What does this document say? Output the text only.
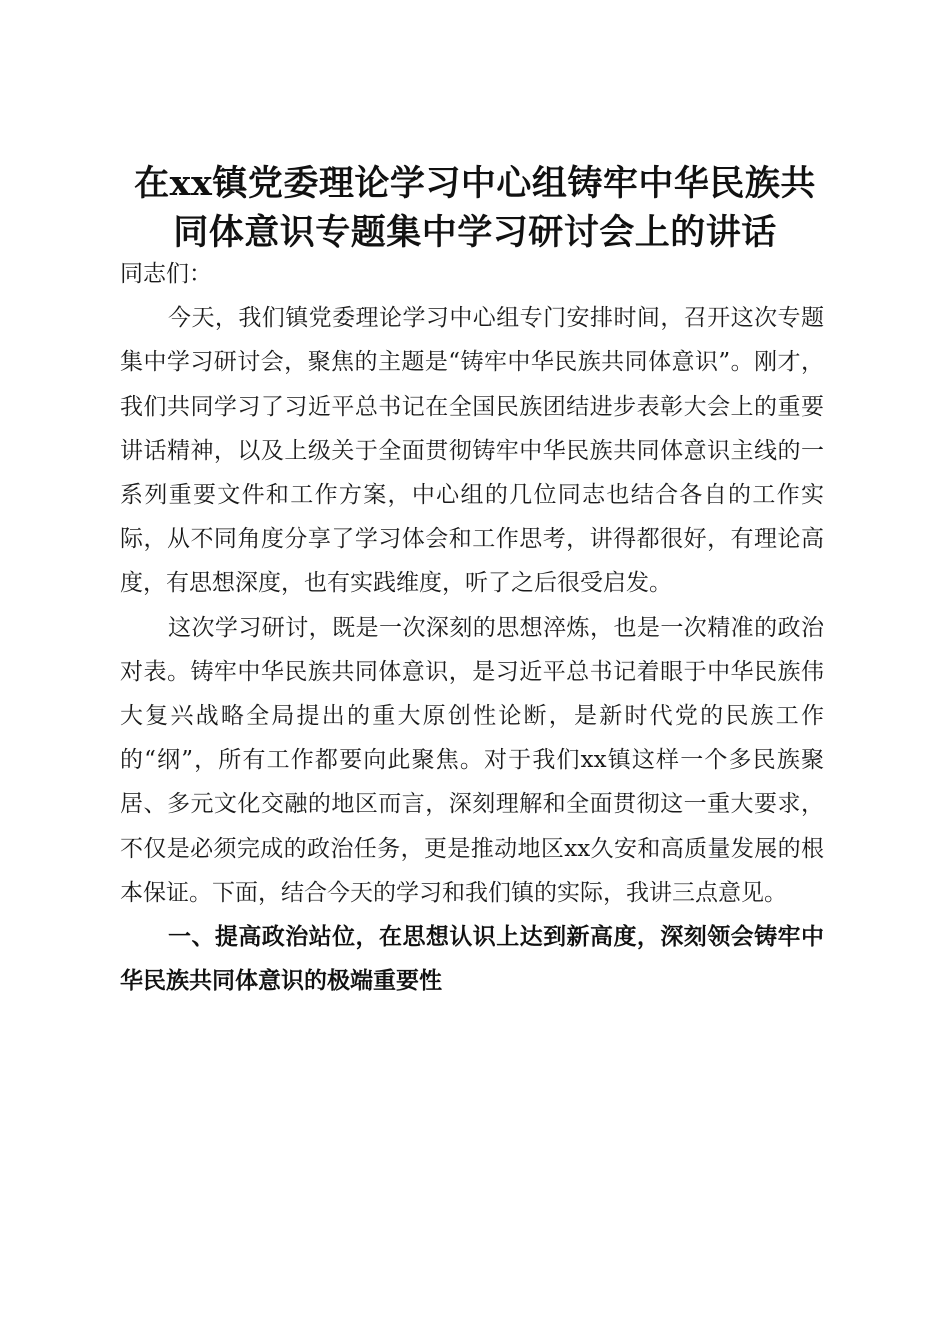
在xx镇党委理论学习中心组铸牢中华民族共同体意识专题集中学习研讨会上的讲话

同志们：

今天，我们镇党委理论学习中心组专门安排时间，召开这次专题集中学习研讨会，聚焦的主题是“铸牢中华民族共同体意识”。刚才，我们共同学习了习近平总书记在全国民族团结进步表彰大会上的重要讲话精神，以及上级关于全面贯彻铸牢中华民族共同体意识主线的一系列重要文件和工作方案，中心组的几位同志也结合各自的工作实际，从不同角度分享了学习体会和工作思考，讲得都很好，有理论高度，有思想深度，也有实践维度，听了之后很受启发。

这次学习研讨，既是一次深刻的思想淬炼，也是一次精准的政治对表。铸牢中华民族共同体意识，是习近平总书记着眼于中华民族伟大复兴战略全局提出的重大原创性论断，是新时代党的民族工作的“纲”，所有工作都要向此聚焦。对于我们xx镇这样一个多民族聚居、多元文化交融的地区而言，深刻理解和全面贯彻这一重大要求，不仅是必须完成的政治任务，更是推动地区xx久安和高质量发展的根本保证。下面，结合今天的学习和我们镇的实际，我讲三点意见。

一、提高政治站位，在思想认识上达到新高度，深刻领会铸牢中华民族共同体意识的极端重要性
